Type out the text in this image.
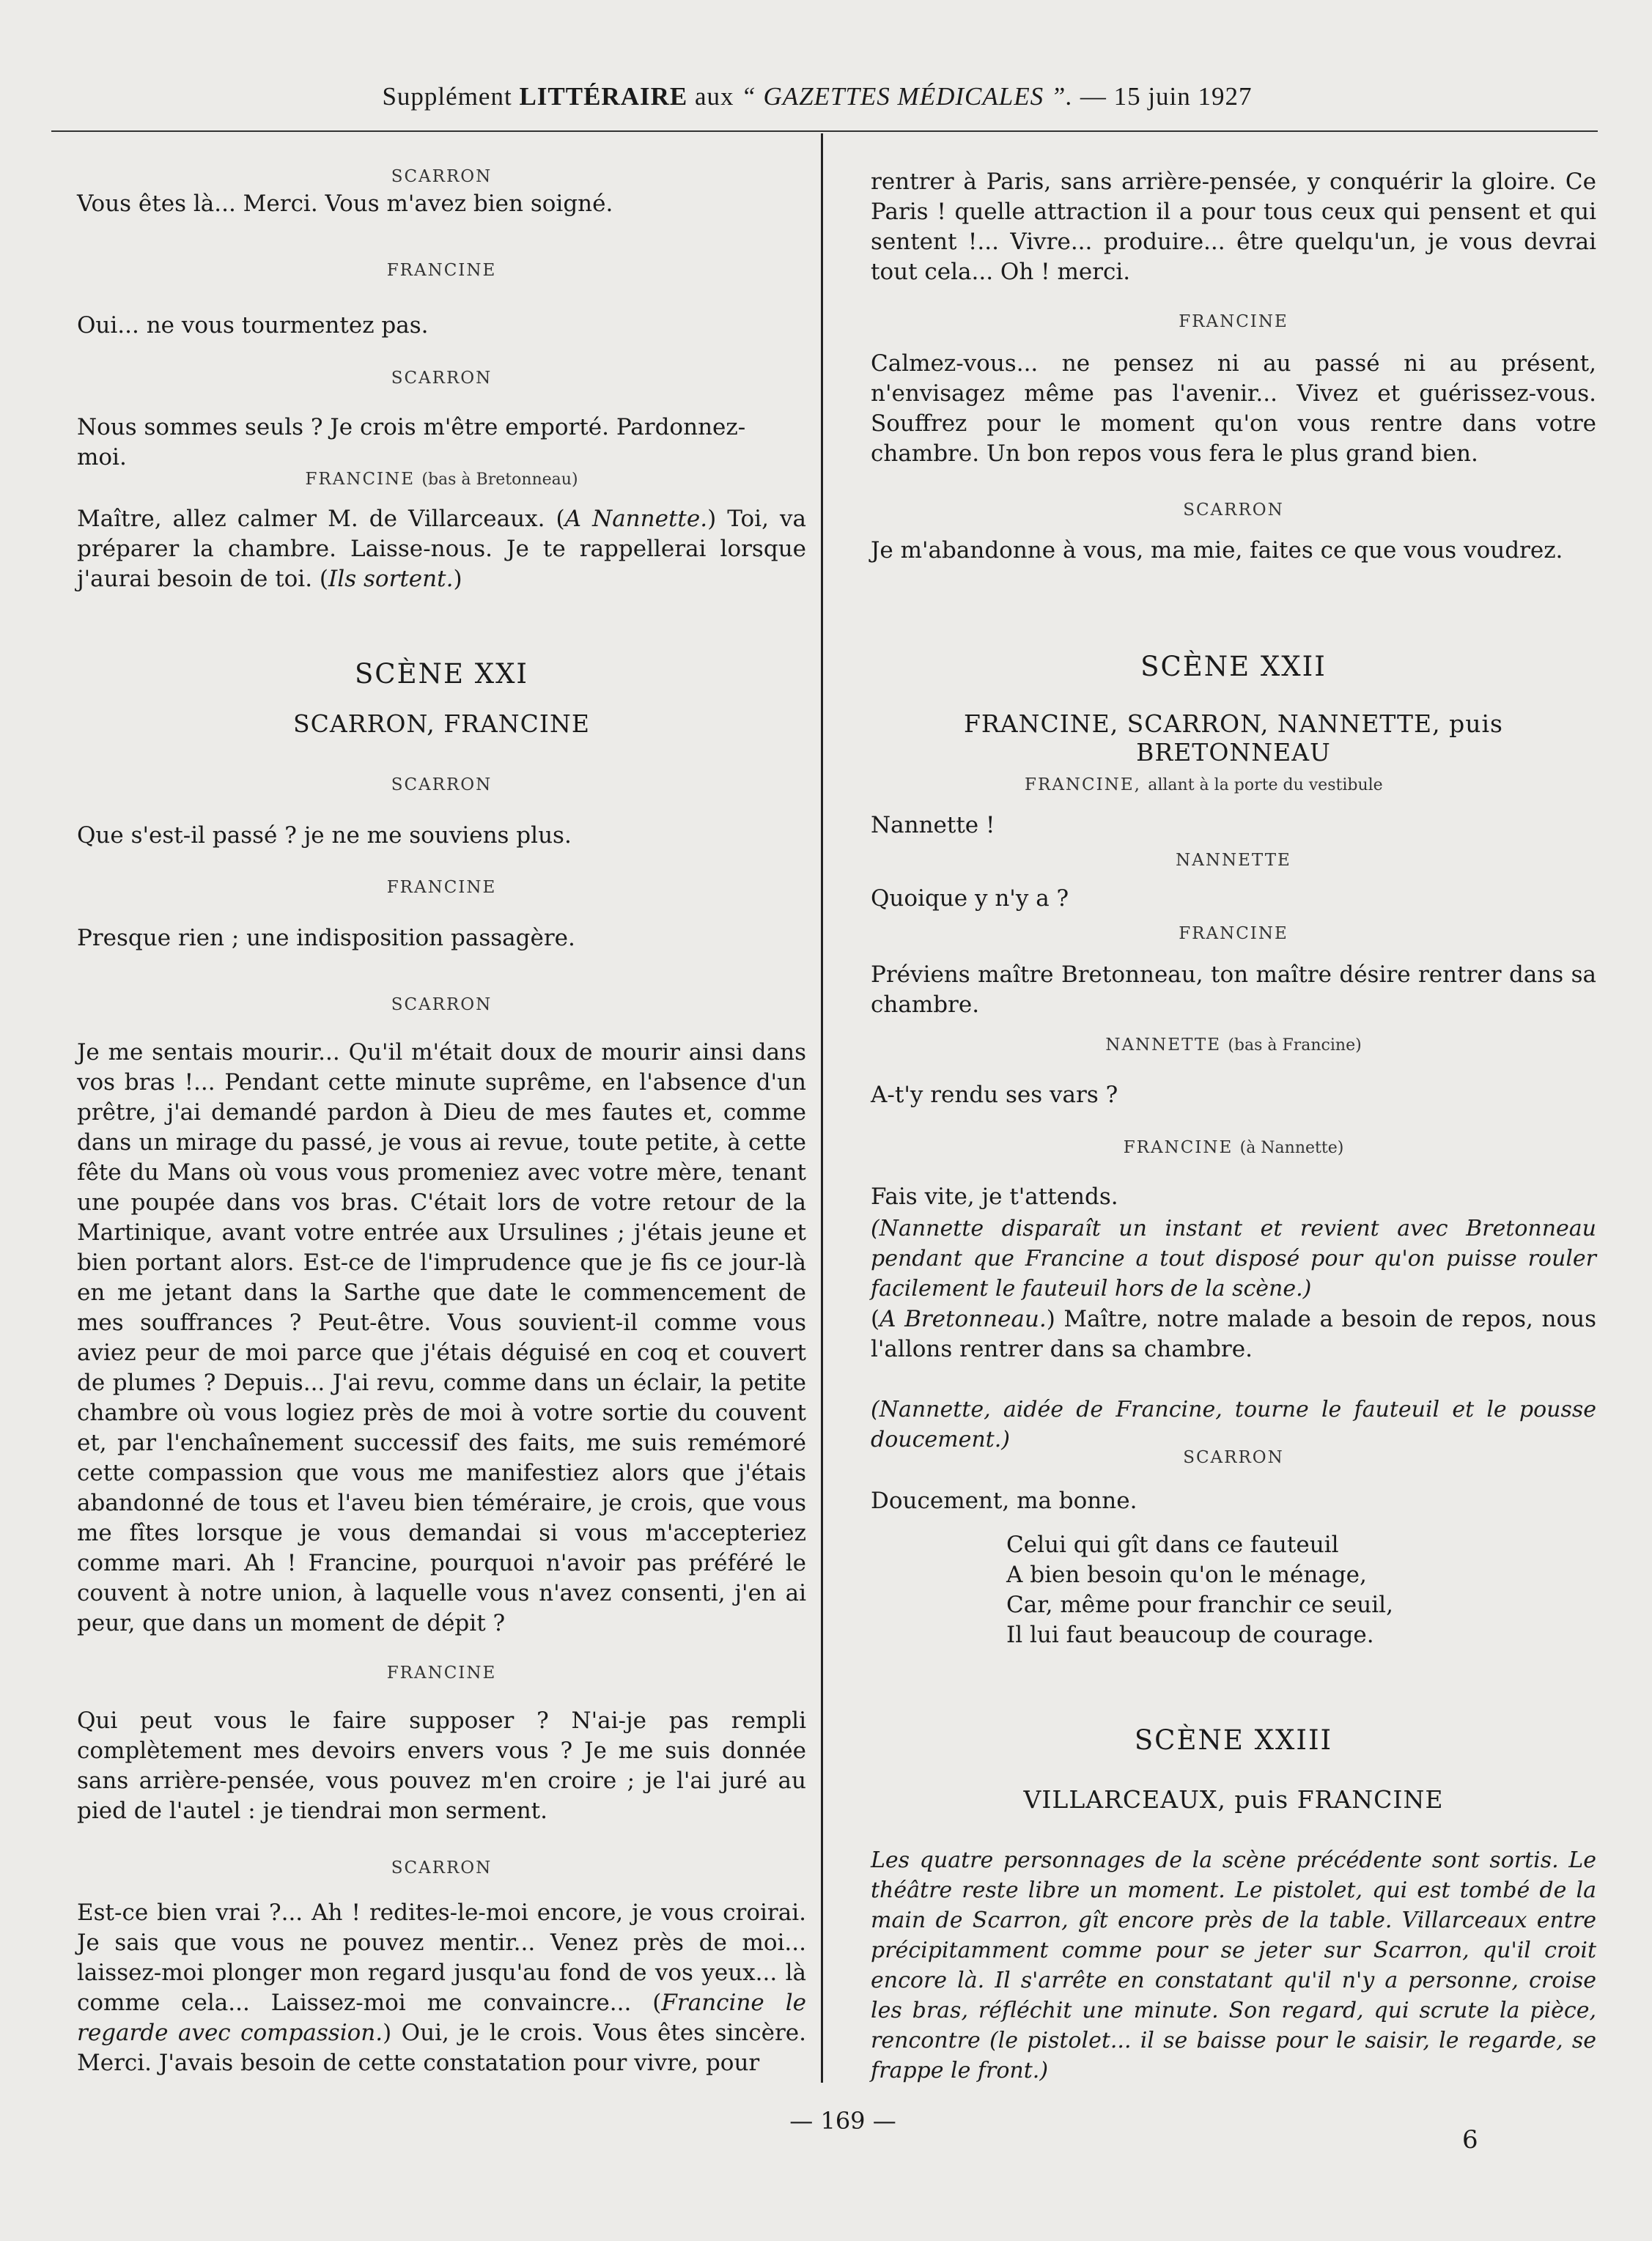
Supplément LITTÉRAIRE aux “ GAZETTES MÉDICALES ”. — 15 juin 1927
SCARRON
Vous êtes là... Merci. Vous m'avez bien soigné.
FRANCINE
Oui... ne vous tourmentez pas.
SCARRON
Nous sommes seuls ? Je crois m'être emporté. Pardonnez-
moi.
FRANCINE (bas à Bretonneau)
Maître, allez calmer M. de Villarceaux. (A Nannette.) Toi, va préparer la chambre. Laisse-nous. Je te rappellerai lorsque j'aurai besoin de toi. (Ils sortent.)
SCÈNE XXI
SCARRON, FRANCINE
SCARRON
Que s'est-il passé ? je ne me souviens plus.
FRANCINE
Presque rien ; une indisposition passagère.
SCARRON
Je me sentais mourir... Qu'il m'était doux de mourir ainsi dans vos bras !... Pendant cette minute suprême, en l'absence d'un prêtre, j'ai demandé pardon à Dieu de mes fautes et, comme dans un mirage du passé, je vous ai revue, toute petite, à cette fête du Mans où vous vous promeniez avec votre mère, tenant une poupée dans vos bras. C'était lors de votre retour de la Martinique, avant votre entrée aux Ursulines ; j'étais jeune et bien portant alors. Est-ce de l'imprudence que je fis ce jour-là en me jetant dans la Sarthe que date le commencement de mes souffrances ? Peut-être. Vous souvient-il comme vous aviez peur de moi parce que j'étais déguisé en coq et couvert de plumes ? Depuis... J'ai revu, comme dans un éclair, la petite chambre où vous logiez près de moi à votre sortie du couvent et, par l'enchaînement successif des faits, me suis remémoré cette compassion que vous me manifestiez alors que j'étais abandonné de tous et l'aveu bien téméraire, je crois, que vous me fîtes lorsque je vous demandai si vous m'accepteriez comme mari. Ah ! Francine, pourquoi n'avoir pas préféré le couvent à notre union, à laquelle vous n'avez consenti, j'en ai peur, que dans un moment de dépit ?
FRANCINE
Qui peut vous le faire supposer ? N'ai-je pas rempli complètement mes devoirs envers vous ? Je me suis donnée sans arrière-pensée, vous pouvez m'en croire ; je l'ai juré au pied de l'autel : je tiendrai mon serment.
SCARRON
Est-ce bien vrai ?... Ah ! redites-le-moi encore, je vous croirai. Je sais que vous ne pouvez mentir... Venez près de moi... laissez-moi plonger mon regard jusqu'au fond de vos yeux... là comme cela... Laissez-moi me convaincre... (Francine le regarde avec compassion.) Oui, je le crois. Vous êtes sincère. Merci. J'avais besoin de cette constatation pour vivre, pour
rentrer à Paris, sans arrière-pensée, y conquérir la gloire. Ce Paris ! quelle attraction il a pour tous ceux qui pensent et qui sentent !... Vivre... produire... être quelqu'un, je vous devrai tout cela... Oh ! merci.
FRANCINE
Calmez-vous... ne pensez ni au passé ni au présent, n'envisagez même pas l'avenir... Vivez et guérissez-vous. Souffrez pour le moment qu'on vous rentre dans votre chambre. Un bon repos vous fera le plus grand bien.
SCARRON
Je m'abandonne à vous, ma mie, faites ce que vous voudrez.
SCÈNE XXII
FRANCINE, SCARRON, NANNETTE, puis BRETONNEAU
FRANCINE, allant à la porte du vestibule
Nannette !
NANNETTE
Quoique y n'y a ?
FRANCINE
Préviens maître Bretonneau, ton maître désire rentrer dans sa chambre.
NANNETTE (bas à Francine)
A-t'y rendu ses vars ?
FRANCINE (à Nannette)
Fais vite, je t'attends.
(Nannette disparaît un instant et revient avec Bretonneau pendant que Francine a tout disposé pour qu'on puisse rouler facilement le fauteuil hors de la scène.)
(A Bretonneau.) Maître, notre malade a besoin de repos, nous l'allons rentrer dans sa chambre.
(Nannette, aidée de Francine, tourne le fauteuil et le pousse doucement.)
SCARRON
Doucement, ma bonne.
Celui qui gît dans ce fauteuil
A bien besoin qu'on le ménage,
Car, même pour franchir ce seuil,
Il lui faut beaucoup de courage.
SCÈNE XXIII
VILLARCEAUX, puis FRANCINE
Les quatre personnages de la scène précédente sont sortis. Le théâtre reste libre un moment. Le pistolet, qui est tombé de la main de Scarron, gît encore près de la table. Villarceaux entre précipitamment comme pour se jeter sur Scarron, qu'il croit encore là. Il s'arrête en constatant qu'il n'y a personne, croise les bras, réfléchit une minute. Son regard, qui scrute la pièce, rencontre (le pistolet... il se baisse pour le saisir, le regarde, se frappe le front.)
— 169 —
6
